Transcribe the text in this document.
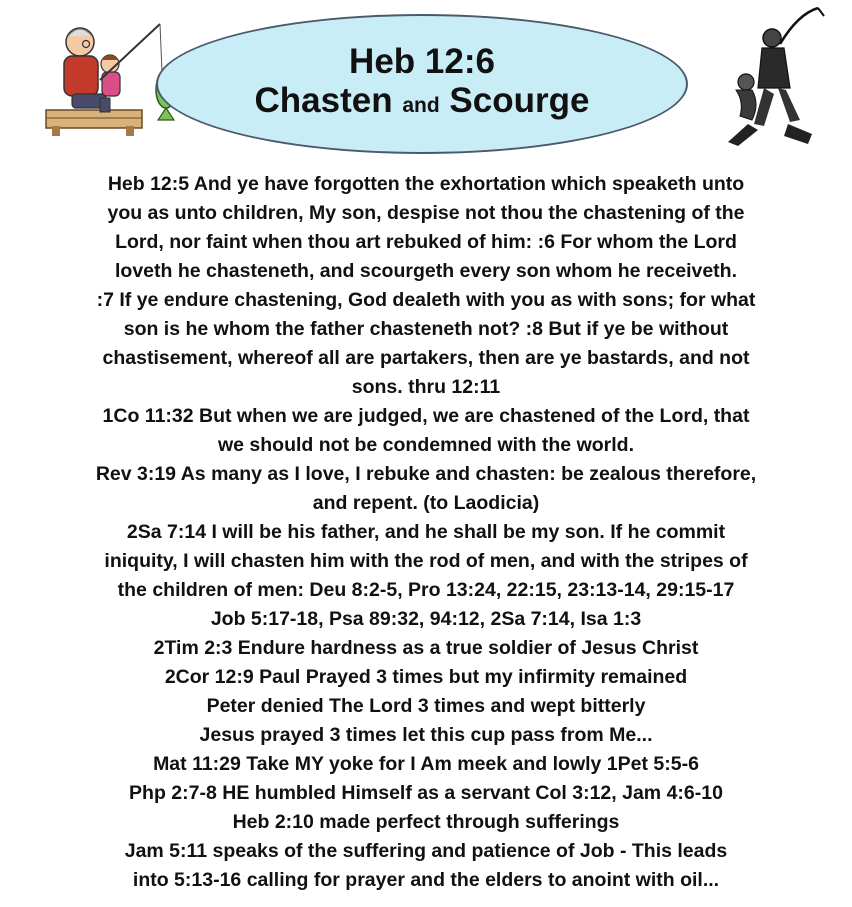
Heb 12:6
Chasten and Scourge
Heb 12:5 And ye have forgotten the exhortation which speaketh unto
you as unto children, My son, despise not thou the chastening of the
Lord, nor faint when thou art rebuked of him: :6 For whom the Lord
loveth he chasteneth, and scourgeth every son whom he receiveth.
:7 If ye endure chastening, God dealeth with you as with sons; for what
son is he whom the father chasteneth not? :8 But if ye be without
chastisement, whereof all are partakers, then are ye bastards, and not
sons. thru 12:11
1Co 11:32 But when we are judged, we are chastened of the Lord, that
we should not be condemned with the world.
Rev 3:19 As many as I love, I rebuke and chasten: be zealous therefore,
and repent. (to Laodicia)
2Sa 7:14 I will be his father, and he shall be my son. If he commit
iniquity, I will chasten him with the rod of men, and with the stripes of
the children of men: Deu 8:2-5, Pro 13:24, 22:15, 23:13-14, 29:15-17
Job 5:17-18, Psa 89:32, 94:12, 2Sa 7:14, Isa 1:3
2Tim 2:3 Endure hardness as a true soldier of Jesus Christ
2Cor 12:9 Paul Prayed 3 times but my infirmity remained
Peter denied The Lord 3 times and wept bitterly
Jesus prayed 3 times let this cup pass from Me...
Mat 11:29 Take MY yoke for I Am meek and lowly 1Pet 5:5-6
Php 2:7-8 HE humbled Himself as a servant Col 3:12, Jam 4:6-10
Heb 2:10 made perfect through sufferings
Jam 5:11 speaks of the suffering and patience of Job - This leads
into 5:13-16 calling for prayer and the elders to anoint with oil...
